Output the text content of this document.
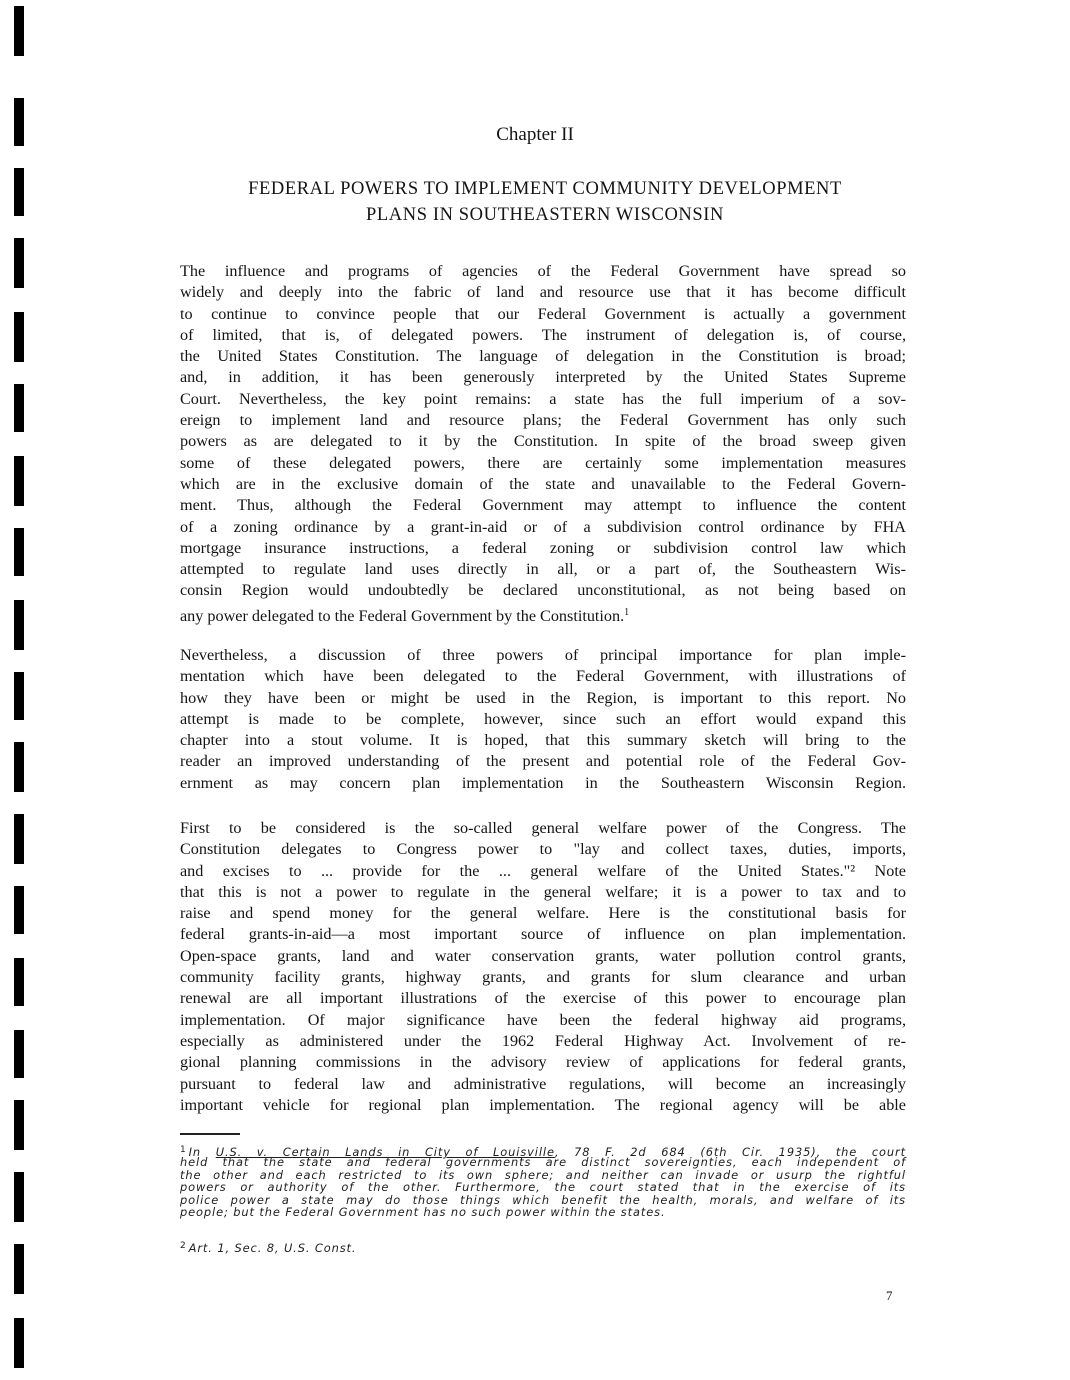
Chapter II
FEDERAL POWERS TO IMPLEMENT COMMUNITY DEVELOPMENT
PLANS IN SOUTHEASTERN WISCONSIN
The influence and programs of agencies of the Federal Government have spread so
widely and deeply into the fabric of land and resource use that it has become difficult
to continue to convince people that our Federal Government is actually a government
of limited, that is, of delegated powers. The instrument of delegation is, of course,
the United States Constitution. The language of delegation in the Constitution is broad;
and, in addition, it has been generously interpreted by the United States Supreme
Court. Nevertheless, the key point remains: a state has the full imperium of a sov-
ereign to implement land and resource plans; the Federal Government has only such
powers as are delegated to it by the Constitution. In spite of the broad sweep given
some of these delegated powers, there are certainly some implementation measures
which are in the exclusive domain of the state and unavailable to the Federal Govern-
ment. Thus, although the Federal Government may attempt to influence the content
of a zoning ordinance by a grant-in-aid or of a subdivision control ordinance by FHA
mortgage insurance instructions, a federal zoning or subdivision control law which
attempted to regulate land uses directly in all, or a part of, the Southeastern Wis-
consin Region would undoubtedly be declared unconstitutional, as not being based on
any power delegated to the Federal Government by the Constitution.$^1$
Nevertheless, a discussion of three powers of principal importance for plan imple-
mentation which have been delegated to the Federal Government, with illustrations of
how they have been or might be used in the Region, is important to this report. No
attempt is made to be complete, however, since such an effort would expand this
chapter into a stout volume. It is hoped, that this summary sketch will bring to the
reader an improved understanding of the present and potential role of the Federal Gov-
ernment as may concern plan implementation in the Southeastern Wisconsin Region.
First to be considered is the so-called general welfare power of the Congress. The
Constitution delegates to Congress power to "lay and collect taxes, duties, imports,
and excises to ... provide for the ... general welfare of the United States."² Note
that this is not a power to regulate in the general welfare; it is a power to tax and to
raise and spend money for the general welfare. Here is the constitutional basis for
federal grants-in-aid—a most important source of influence on plan implementation.
Open-space grants, land and water conservation grants, water pollution control grants,
community facility grants, highway grants, and grants for slum clearance and urban
renewal are all important illustrations of the exercise of this power to encourage plan
implementation. Of major significance have been the federal highway aid programs,
especially as administered under the 1962 Federal Highway Act. Involvement of re-
gional planning commissions in the advisory review of applications for federal grants,
pursuant to federal law and administrative regulations, will become an increasingly
important vehicle for regional plan implementation. The regional agency will be able
$^1$ In U.S. v. Certain Lands in City of Louisville, 78 F. 2d 684 (6th Cir. 1935), the court
held that the state and federal governments are distinct sovereignties, each independent of
the other and each restricted to its own sphere; and neither can invade or usurp the rightful
powers or authority of the other. Furthermore, the court stated that in the exercise of its
police power a state may do those things which benefit the health, morals, and welfare of its
people; but the Federal Government has no such power within the states.
$^2$ Art. 1, Sec. 8, U.S. Const.
7
